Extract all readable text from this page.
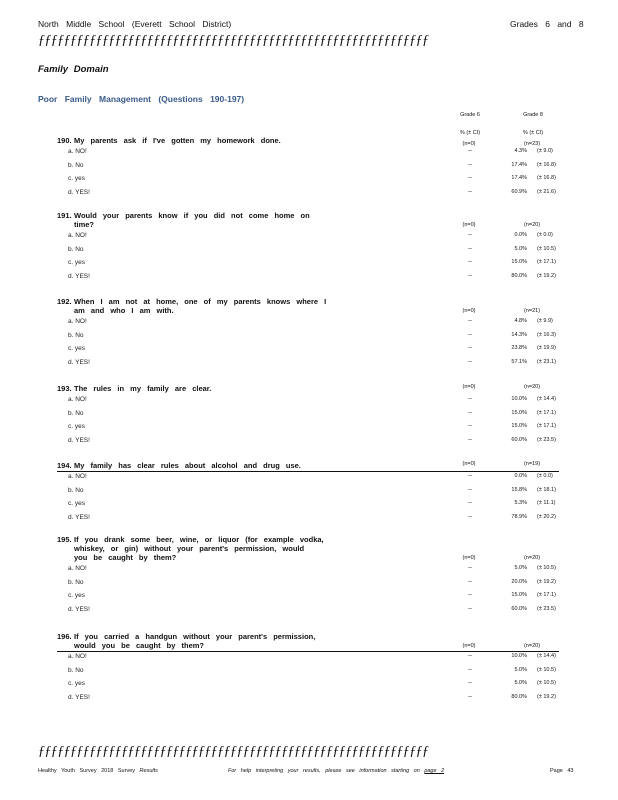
North Middle School (Everett School District)	Grades 6 and 8
ƒƒƒƒƒƒƒƒƒƒƒƒƒƒƒƒƒƒƒƒƒƒƒƒƒƒƒƒƒƒƒƒƒƒƒƒƒƒƒƒƒƒƒƒƒƒƒƒƒƒƒƒƒƒƒƒƒƒƒƒƒ
Family Domain
Poor Family Management (Questions 190-197)
Grade 6	Grade 8
% (± CI)	% (± CI)
190. My parents ask if I've gotten my homework done.	(n=0)	(n=23)
a. NO!	--	4.3% (± 9.0)
b. No	--	17.4% (± 16.8)
c. yes	--	17.4% (± 16.8)
d. YES!	--	60.9% (± 21.6)
191. Would your parents know if you did not come home on
time?	(n=0)	(n=20)
a. NO!	--	0.0% (± 0.0)
b. No	--	5.0% (± 10.5)
c. yes	--	15.0% (± 17.1)
d. YES!	--	80.0% (± 19.2)
192. When I am not at home, one of my parents knows where I
am and who I am with.	(n=0)	(n=21)
a. NO!	--	4.8% (± 9.9)
b. No	--	14.3% (± 16.3)
c. yes	--	23.8% (± 19.9)
d. YES!	--	57.1% (± 23.1)
193. The rules in my family are clear.	(n=0)	(n=20)
a. NO!	--	10.0% (± 14.4)
b. No	--	15.0% (± 17.1)
c. yes	--	15.0% (± 17.1)
d. YES!	--	60.0% (± 23.5)
194. My family has clear rules about alcohol and drug use.	(n=0)	(n=19)
a. NO!	--	0.0% (± 0.0)
b. No	--	15.8% (± 18.1)
c. yes	--	5.3% (± 11.1)
d. YES!	--	78.9% (± 20.2)
195. If you drank some beer, wine, or liquor (for example vodka,
whiskey, or gin) without your parent's permission, would
you be caught by them?	(n=0)	(n=20)
a. NO!	--	5.0% (± 10.5)
b. No	--	20.0% (± 19.2)
c. yes	--	15.0% (± 17.1)
d. YES!	--	60.0% (± 23.5)
196. If you carried a handgun without your parent's permission,
would you be caught by them?	(n=0)	(n=20)
a. NO!	--	10.0% (± 14.4)
b. No	--	5.0% (± 10.5)
c. yes	--	5.0% (± 10.5)
d. YES!	--	80.0% (± 19.2)
ƒƒƒƒƒƒƒƒƒƒƒƒƒƒƒƒƒƒƒƒƒƒƒƒƒƒƒƒƒƒƒƒƒƒƒƒƒƒƒƒƒƒƒƒƒƒƒƒƒƒƒƒƒƒƒƒƒƒƒƒƒ
Healthy Youth Survey 2018 Survey Results	For help interpreting your results, please see information starting on page 2	Page 43
